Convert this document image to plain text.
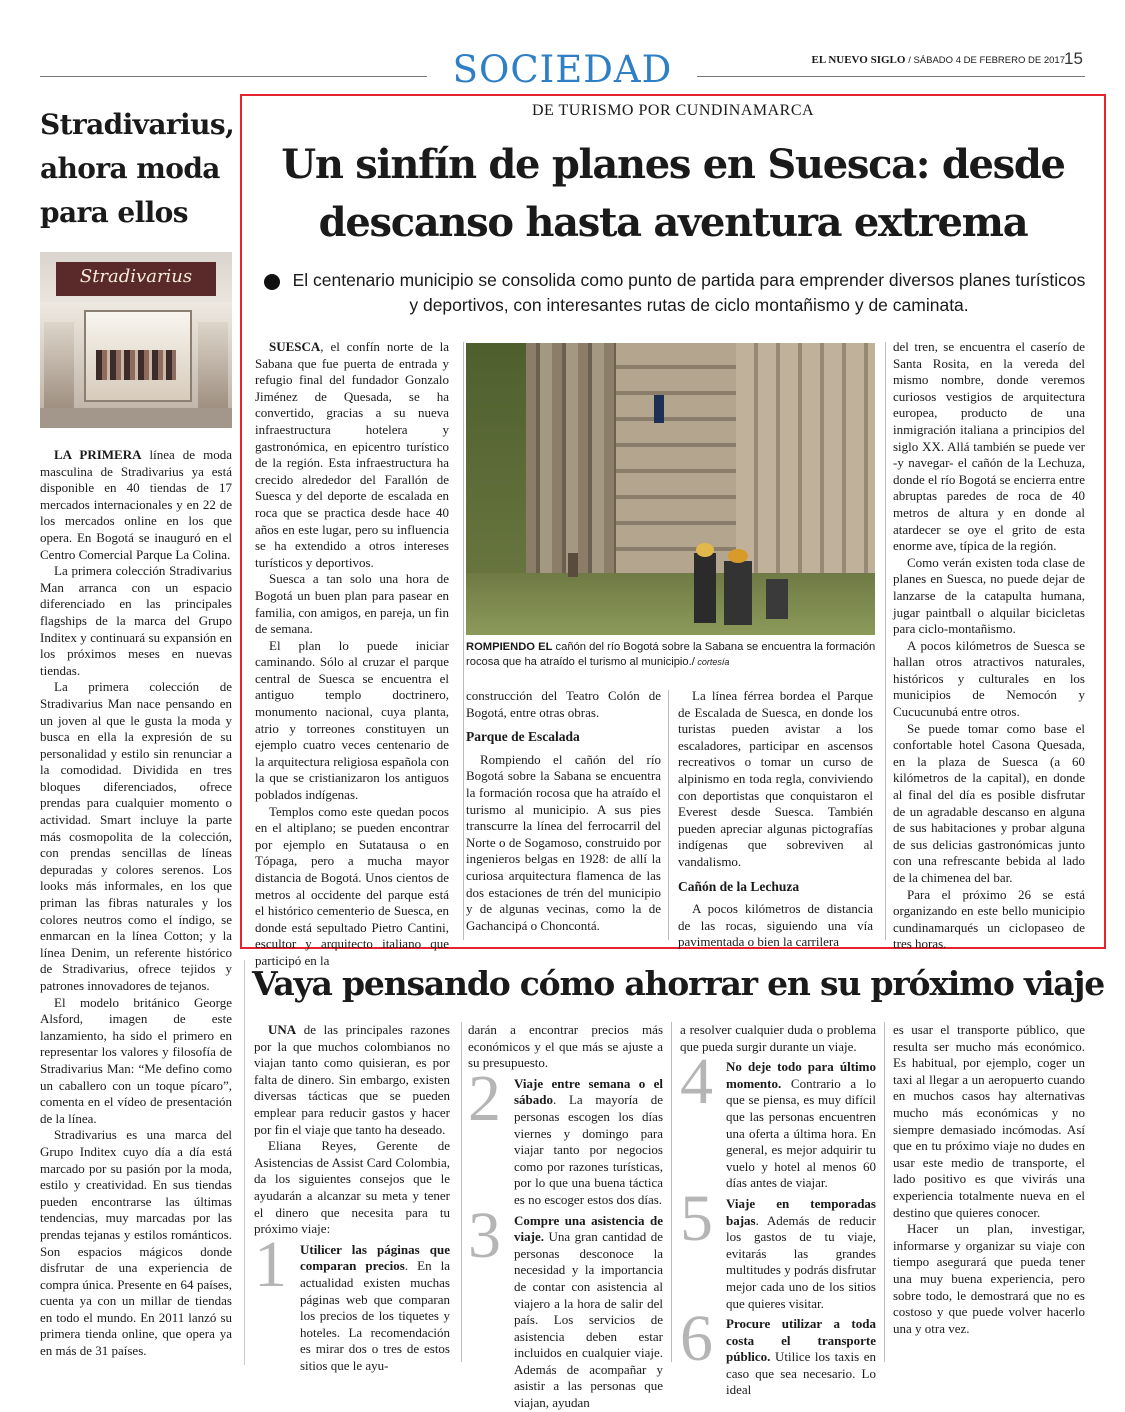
SOCIEDAD	EL NUEVO SIGLO / SÁBADO 4 DE FEBRERO DE 2017 15
Stradivarius, ahora moda para ellos
Stradivarius

LA PRIMERA línea de moda masculina de Stradivarius ya está disponible en 40 tiendas de 17 mercados internacionales y en 22 de los mercados online en los que opera. En Bogotá se inauguró en el Centro Comercial Parque La Colina.

La primera colección Stradivarius Man arranca con un espacio diferenciado en las principales flagships de la marca del Grupo Inditex y continuará su expansión en los próximos meses en nuevas tiendas.

La primera colección de Stradivarius Man nace pensando en un joven al que le gusta la moda y busca en ella la expresión de su personalidad y estilo sin renunciar a la comodidad. Dividida en tres bloques diferenciados, ofrece prendas para cualquier momento o actividad. Smart incluye la parte más cosmopolita de la colección, con prendas sencillas de líneas depuradas y colores serenos. Los looks más informales, en los que priman las fibras naturales y los colores neutros como el índigo, se enmarcan en la línea Cotton; y la línea Denim, un referente histórico de Stradivarius, ofrece tejidos y patrones innovadores de tejanos.

El modelo británico George Alsford, imagen de este lanzamiento, ha sido el primero en representar los valores y filosofía de Stradivarius Man: “Me defino como un caballero con un toque pícaro”, comenta en el vídeo de presentación de la línea.

Stradivarius es una marca del Grupo Inditex cuyo día a día está marcado por su pasión por la moda, estilo y creatividad. En sus tiendas pueden encontrarse las últimas tendencias, muy marcadas por las prendas tejanas y estilos románticos. Son espacios mágicos donde disfrutar de una experiencia de compra única. Presente en 64 países, cuenta ya con un millar de tiendas en todo el mundo. En 2011 lanzó su primera tienda online, que opera ya en más de 31 países.

DE TURISMO POR CUNDINAMARCA
Un sinfín de planes en Suesca: desde
descanso hasta aventura extrema
El centenario municipio se consolida como punto de partida para emprender diversos planes turísticos y deportivos, con interesantes rutas de ciclo montañismo y de caminata.

SUESCA, el confín norte de la Sabana que fue puerta de entrada y refugio final del fundador Gonzalo Jiménez de Quesada, se ha convertido, gracias a su nueva infraestructura hotelera y gastronómica, en epicentro turístico de la región. Esta infraestructura ha crecido alrededor del Farallón de Suesca y del deporte de escalada en roca que se practica desde hace 40 años en este lugar, pero su influencia se ha extendido a otros intereses turísticos y deportivos.

Suesca a tan solo una hora de Bogotá un buen plan para pasear en familia, con amigos, en pareja, un fin de semana.

El plan lo puede iniciar caminando. Sólo al cruzar el parque central de Suesca se encuentra el antiguo templo doctrinero, monumento nacional, cuya planta, atrio y torreones constituyen un ejemplo cuatro veces centenario de la arquitectura religiosa española con la que se cristianizaron los antiguos poblados indígenas.

Templos como este quedan pocos en el altiplano; se pueden encontrar por ejemplo en Sutatausa o en Tópaga, pero a mucha mayor distancia de Bogotá. Unos cientos de metros al occidente del parque está el histórico cementerio de Suesca, en donde está sepultado Pietro Cantini, escultor y arquitecto italiano que participó en la

ROMPIENDO EL cañón del río Bogotá sobre la Sabana se encuentra la formación rocosa que ha atraído el turismo al municipio./ cortesía

construcción del Teatro Colón de Bogotá, entre otras obras.

Parque de Escalada

Rompiendo el cañón del río Bogotá sobre la Sabana se encuentra la formación rocosa que ha atraído el turismo al municipio. A sus pies transcurre la línea del ferrocarril del Norte o de Sogamoso, construido por ingenieros belgas en 1928: de allí la curiosa arquitectura flamenca de las dos estaciones de trén del municipio y de algunas vecinas, como la de Gachancipá o Choncontá.

La línea férrea bordea el Parque de Escalada de Suesca, en donde los turistas pueden avistar a los escaladores, participar en ascensos recreativos o tomar un curso de alpinismo en toda regla, conviviendo con deportistas que conquistaron el Everest desde Suesca. También pueden apreciar algunas pictografías indígenas que sobreviven al vandalismo.

Cañón de la Lechuza

A pocos kilómetros de distancia de las rocas, siguiendo una vía pavimentada o bien la carrilera

del tren, se encuentra el caserío de Santa Rosita, en la vereda del mismo nombre, donde veremos curiosos vestigios de arquitectura europea, producto de una inmigración italiana a principios del siglo XX. Allá también se puede ver -y navegar- el cañón de la Lechuza, donde el río Bogotá se encierra entre abruptas paredes de roca de 40 metros de altura y en donde al atardecer se oye el grito de esta enorme ave, típica de la región.

Como verán existen toda clase de planes en Suesca, no puede dejar de lanzarse de la catapulta humana, jugar paintball o alquilar bicicletas para ciclo-montañismo.

A pocos kilómetros de Suesca se hallan otros atractivos naturales, históricos y culturales en los municipios de Nemocón y Cucucunubá entre otros.

Se puede tomar como base el confortable hotel Casona Quesada, en la plaza de Suesca (a 60 kilómetros de la capital), en donde al final del día es posible disfrutar de un agradable descanso en alguna de sus habitaciones y probar alguna de sus delicias gastronómicas junto con una refrescante bebida al lado de la chimenea del bar.

Para el próximo 26 se está organizando en este bello municipio cundinamarqués un ciclopaseo de tres horas.

Vaya pensando cómo ahorrar en su próximo viaje

UNA de las principales razones por la que muchos colombianos no viajan tanto como quisieran, es por falta de dinero. Sin embargo, existen diversas tácticas que se pueden emplear para reducir gastos y hacer por fin el viaje que tanto ha deseado.

Eliana Reyes, Gerente de Asistencias de Assist Card Colombia, da los siguientes consejos que le ayudarán a alcanzar su meta y tener el dinero que necesita para tu próximo viaje:

1 Utilicer las páginas que comparan precios. En la actualidad existen muchas páginas web que comparan los precios de los tiquetes y hoteles. La recomendación es mirar dos o tres de estos sitios que le ayu-

darán a encontrar precios más económicos y el que más se ajuste a su presupuesto.

2 Viaje entre semana o el sábado. La mayoría de personas escogen los días viernes y domingo para viajar tanto por negocios como por razones turísticas, por lo que una buena táctica es no escoger estos dos días.
3 Compre una asistencia de viaje. Una gran cantidad de personas desconoce la necesidad y la importancia de contar con asistencia al viajero a la hora de salir del país. Los servicios de asistencia deben estar incluidos en cualquier viaje. Además de acompañar y asistir a las personas que viajan, ayudan

a resolver cualquier duda o problema que pueda surgir durante un viaje.

4 No deje todo para último momento. Contrario a lo que se piensa, es muy difícil que las personas encuentren una oferta a última hora. En general, es mejor adquirir tu vuelo y hotel al menos 60 días antes de viajar.
5 Viaje en temporadas bajas. Además de reducir los gastos de tu viaje, evitarás las grandes multitudes y podrás disfrutar mejor cada uno de los sitios que quieres visitar.
6 Procure utilizar a toda costa el transporte público. Utilice los taxis en caso que sea necesario. Lo ideal

es usar el transporte público, que resulta ser mucho más económico. Es habitual, por ejemplo, coger un taxi al llegar a un aeropuerto cuando en muchos casos hay alternativas mucho más económicas y no siempre demasiado incómodas. Así que en tu próximo viaje no dudes en usar este medio de transporte, el lado positivo es que vivirás una experiencia totalmente nueva en el destino que quieres conocer.

Hacer un plan, investigar, informarse y organizar su viaje con tiempo asegurará que pueda tener una muy buena experiencia, pero sobre todo, le demostrará que no es costoso y que puede volver hacerlo una y otra vez.
